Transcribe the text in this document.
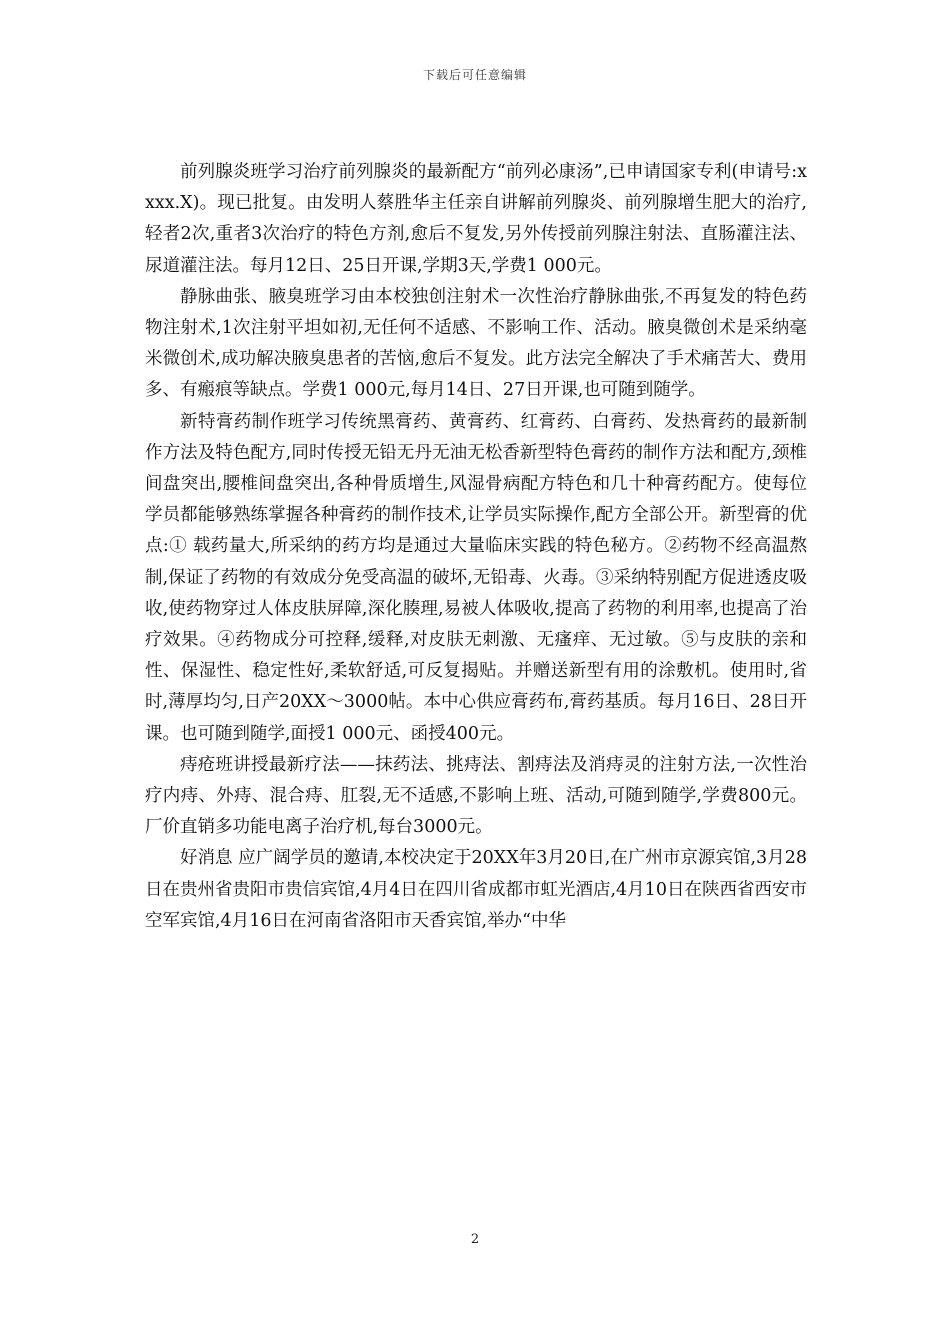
下载后可任意编辑

前列腺炎班学习治疗前列腺炎的最新配方“前列必康汤”,已申请国家专利(申请号:xxxx.X)。现已批复。由发明人蔡胜华主任亲自讲解前列腺炎、前列腺增生肥大的治疗,轻者2次,重者3次治疗的特色方剂,愈后不复发,另外传授前列腺注射法、直肠灌注法、尿道灌注法。每月12日、25日开课,学期3天,学费1 000元。

静脉曲张、腋臭班学习由本校独创注射术一次性治疗静脉曲张,不再复发的特色药物注射术,1次注射平坦如初,无任何不适感、不影响工作、活动。腋臭微创术是采纳毫米微创术,成功解决腋臭患者的苦恼,愈后不复发。此方法完全解决了手术痛苦大、费用多、有瘢痕等缺点。学费1 000元,每月14日、27日开课,也可随到随学。

新特膏药制作班学习传统黑膏药、黄膏药、红膏药、白膏药、发热膏药的最新制作方法及特色配方,同时传授无铅无丹无油无松香新型特色膏药的制作方法和配方,颈椎间盘突出,腰椎间盘突出,各种骨质增生,风湿骨病配方特色和几十种膏药配方。使每位学员都能够熟练掌握各种膏药的制作技术,让学员实际操作,配方全部公开。新型膏的优点:① 载药量大,所采纳的药方均是通过大量临床实践的特色秘方。②药物不经高温熬制,保证了药物的有效成分免受高温的破坏,无铅毒、火毒。③采纳特别配方促进透皮吸收,使药物穿过人体皮肤屏障,深化腠理,易被人体吸收,提高了药物的利用率,也提高了治疗效果。④药物成分可控释,缓释,对皮肤无刺激、无瘙痒、无过敏。⑤与皮肤的亲和性、保湿性、稳定性好,柔软舒适,可反复揭贴。并赠送新型有用的涂敷机。使用时,省时,薄厚均匀,日产20XX～3000帖。本中心供应膏药布,膏药基质。每月16日、28日开课。也可随到随学,面授1 000元、函授400元。

痔疮班讲授最新疗法——抹药法、挑痔法、割痔法及消痔灵的注射方法,一次性治疗内痔、外痔、混合痔、肛裂,无不适感,不影响上班、活动,可随到随学,学费800元。厂价直销多功能电离子治疗机,每台3000元。

好消息 应广阔学员的邀请,本校决定于20XX年3月20日,在广州市京源宾馆,3月28日在贵州省贵阳市贵信宾馆,4月4日在四川省成都市虹光酒店,4月10日在陕西省西安市空军宾馆,4月16日在河南省洛阳市天香宾馆,举办“中华

2
